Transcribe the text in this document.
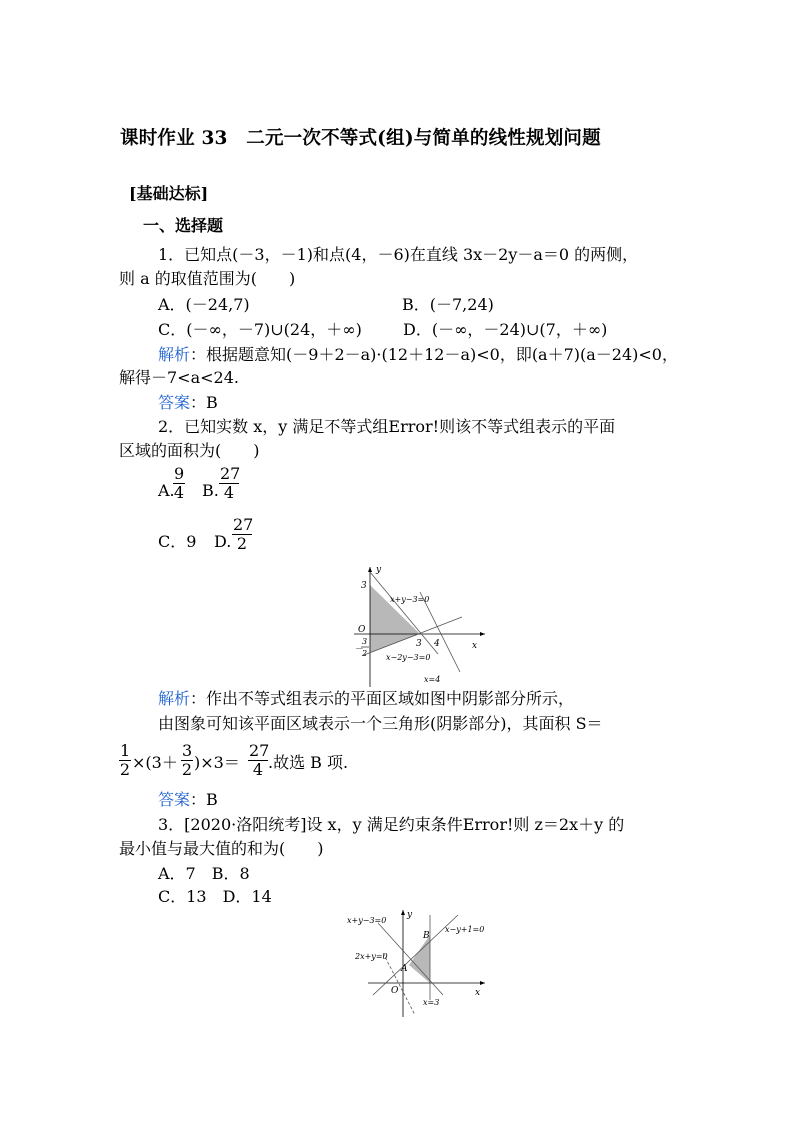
课时作业 33　二元一次不等式(组)与简单的线性规划问题
[基础达标]
一、选择题
1．已知点(－3，－1)和点(4，－6)在直线 3x－2y－a＝0 的两侧，
则 a 的取值范围为(　　)
A．(－24,7)	B．(－7,24)
C．(－∞，－7)∪(24，＋∞)	D．(－∞，－24)∪(7，＋∞)
解析：根据题意知(－9＋2－a)·(12＋12－a)<0，即(a＋7)(a－24)<0，
解得－7<a<24.
答案：B
2．已知实数 x，y 满足不等式组Error!则该不等式组表示的平面
区域的面积为(　　)
A.
$\frac{9}{4} B$. $\frac{27}{4}$
C．9 D. $\frac{27}{2}$
3
O
y
x
3 4
－
3
2
x+y−3=0
x−2y−3=0
x=4
解析：作出不等式组表示的平面区域如图中阴影部分所示，
由图象可知该平面区域表示一个三角形(阴影部分)，其面积 S＝
$\frac{1}{2} \times(3+ \frac{3}{2} )\times 3= \frac{27}{4}$ .故选 B 项.
答案：B
3．[2020·洛阳统考]设 x，y 满足约束条件Error!则 z＝2x＋y 的
最小值与最大值的和为(　　)
A．7　B．8
C．13　D．14
x+y−3=0
y
B
x−y+1=0
2x+y=0
A
O	x
x=3
